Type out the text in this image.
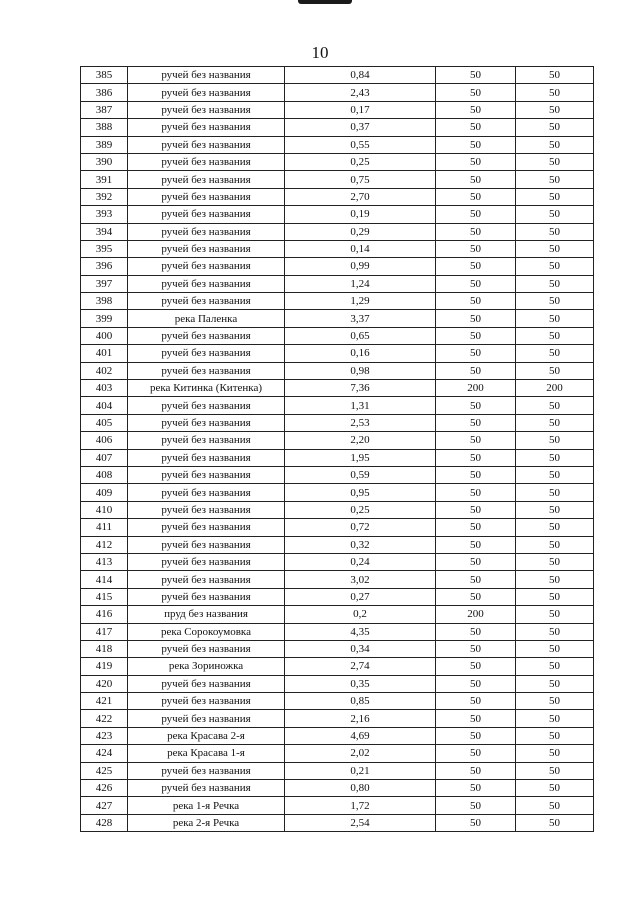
10
385	ручей без названия	0,84	50	50
386	ручей без названия	2,43	50	50
387	ручей без названия	0,17	50	50
388	ручей без названия	0,37	50	50
389	ручей без названия	0,55	50	50
390	ручей без названия	0,25	50	50
391	ручей без названия	0,75	50	50
392	ручей без названия	2,70	50	50
393	ручей без названия	0,19	50	50
394	ручей без названия	0,29	50	50
395	ручей без названия	0,14	50	50
396	ручей без названия	0,99	50	50
397	ручей без названия	1,24	50	50
398	ручей без названия	1,29	50	50
399	река Паленка	3,37	50	50
400	ручей без названия	0,65	50	50
401	ручей без названия	0,16	50	50
402	ручей без названия	0,98	50	50
403	река Китинка (Китенка)	7,36	200	200
404	ручей без названия	1,31	50	50
405	ручей без названия	2,53	50	50
406	ручей без названия	2,20	50	50
407	ручей без названия	1,95	50	50
408	ручей без названия	0,59	50	50
409	ручей без названия	0,95	50	50
410	ручей без названия	0,25	50	50
411	ручей без названия	0,72	50	50
412	ручей без названия	0,32	50	50
413	ручей без названия	0,24	50	50
414	ручей без названия	3,02	50	50
415	ручей без названия	0,27	50	50
416	пруд без названия	0,2	200	50
417	река Сорокоумовка	4,35	50	50
418	ручей без названия	0,34	50	50
419	река Зориножка	2,74	50	50
420	ручей без названия	0,35	50	50
421	ручей без названия	0,85	50	50
422	ручей без названия	2,16	50	50
423	река Красава 2-я	4,69	50	50
424	река Красава 1-я	2,02	50	50
425	ручей без названия	0,21	50	50
426	ручей без названия	0,80	50	50
427	река 1-я Речка	1,72	50	50
428	река 2-я Речка	2,54	50	50
